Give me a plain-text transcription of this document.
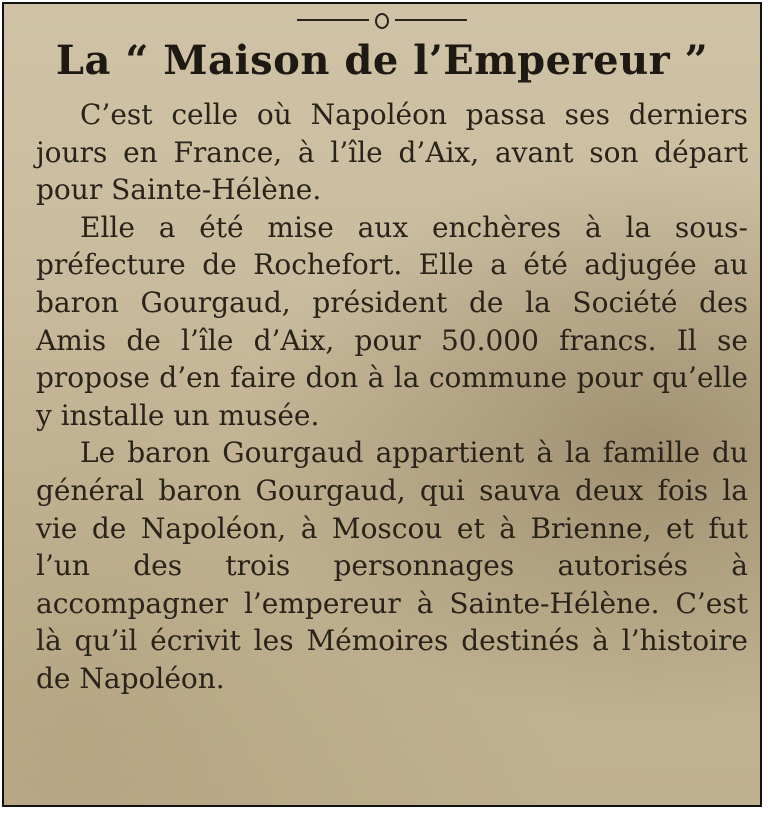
La “ Maison de l’Empereur ”

C’est celle où Napoléon passa ses derniers jours en France, à l’île d’Aix, avant son départ pour Sainte-Hélène.

Elle a été mise aux enchères à la sous-préfecture de Rochefort. Elle a été adjugée au baron Gourgaud, président de la Société des Amis de l’île d’Aix, pour 50.000 francs. Il se propose d’en faire don à la commune pour qu’elle y installe un musée.

Le baron Gourgaud appartient à la famille du général baron Gourgaud, qui sauva deux fois la vie de Napoléon, à Moscou et à Brienne, et fut l’un des trois personnages autorisés à accompagner l’empereur à Sainte-Hélène. C’est là qu’il écrivit les Mémoires destinés à l’histoire de Napoléon.
